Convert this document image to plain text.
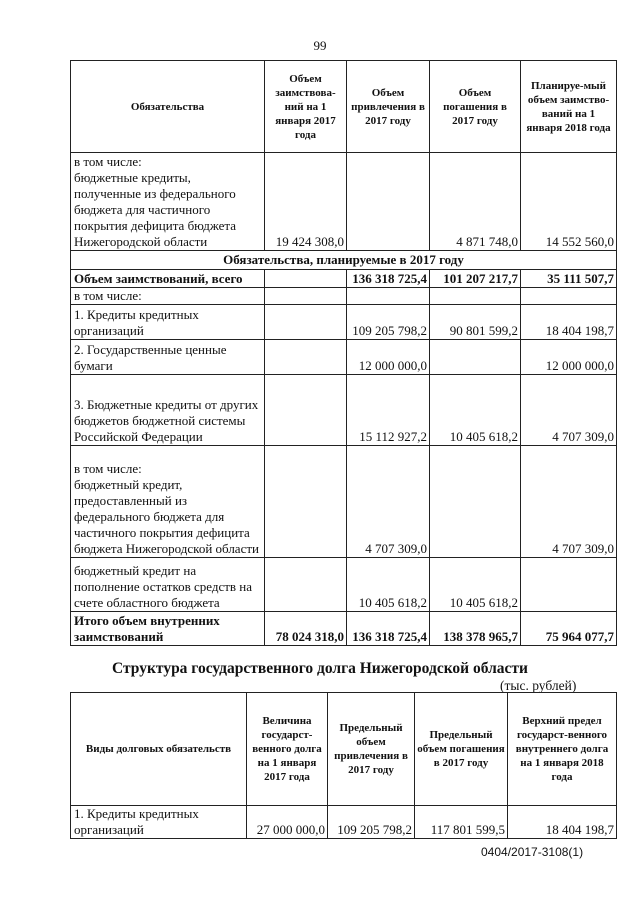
99
Обязательства	Объем заимствова-ний на 1 января 2017 года	Объем привлечения в 2017 году	Объем погашения в 2017 году	Планируе-мый объем заимство-ваний на 1 января 2018 года
в том числе:
бюджетные кредиты, полученные из федерального бюджета для частичного покрытия дефицита бюджета Нижегородской области	19 424 308,0		4 871 748,0	14 552 560,0
Обязательства, планируемые в 2017 году				
Объем заимствований, всего		136 318 725,4	101 207 217,7	35 111 507,7
в том числе:				
1. Кредиты кредитных организаций		109 205 798,2	90 801 599,2	18 404 198,7
2. Государственные ценные бумаги		12 000 000,0		12 000 000,0
3. Бюджетные кредиты от других бюджетов бюджетной системы Российской Федерации		15 112 927,2	10 405 618,2	4 707 309,0
в том числе:
бюджетный кредит, предоставленный из федерального бюджета для частичного покрытия дефицита бюджета Нижегородской области		4 707 309,0		4 707 309,0
бюджетный кредит на пополнение остатков средств на счете областного бюджета		10 405 618,2	10 405 618,2	
Итого объем внутренних заимствований	78 024 318,0	136 318 725,4	138 378 965,7	75 964 077,7
Структура государственного долга Нижегородской области
(тыс. рублей)
Виды долговых обязательств	Величина государст-венного долга на 1 января 2017 года	Предельный объем привлечения в 2017 году	Предельный объем погашения в 2017 году	Верхний предел государст-венного внутреннего долга на 1 января 2018 года
1. Кредиты кредитных организаций	27 000 000,0	109 205 798,2	117 801 599,5	18 404 198,7
0404/2017-3108(1)
